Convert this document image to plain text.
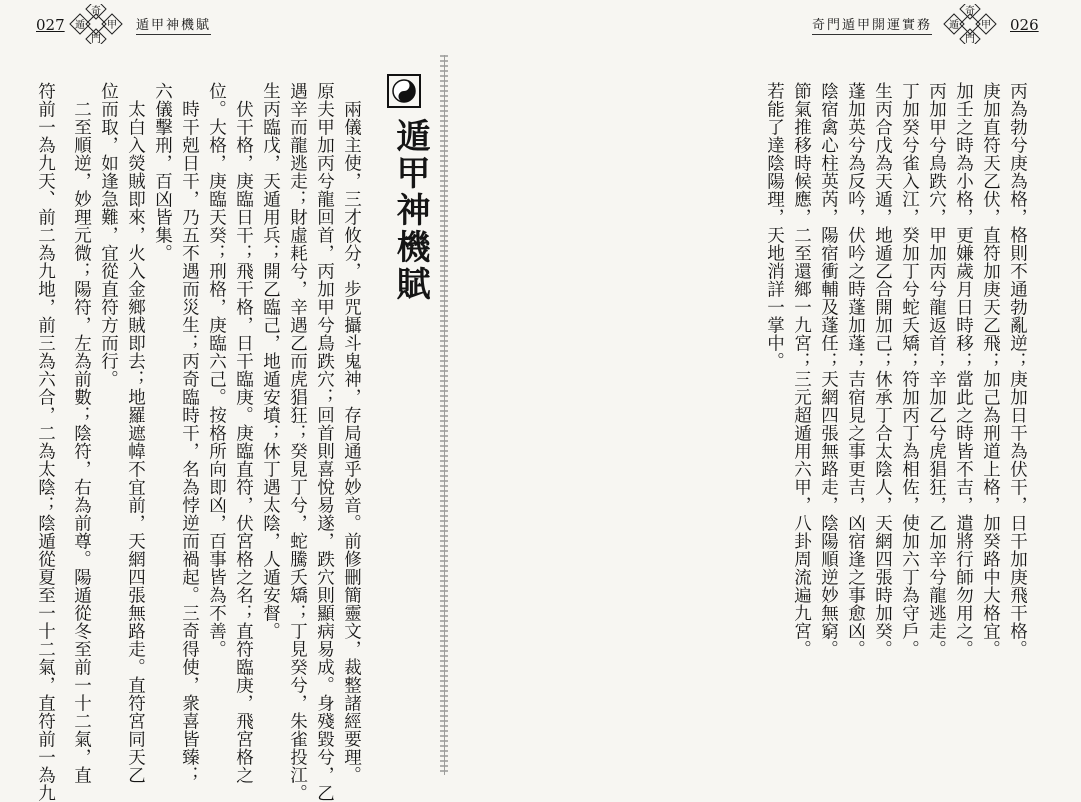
027
奇
遁 甲
門
遁甲神機賦	奇門遁甲開運實務
奇
遁 甲
門
026
遁甲神機賦
兩儀主使，三才攸分，步咒攝斗鬼神，存局通乎妙音。前修刪簡靈文，裁整諸經要理。
原夫甲加丙兮龍回首，丙加甲兮鳥跌穴；回首則喜悅易遂，跌穴則顯病易成。身殘毀兮，乙
遇辛而龍逃走；財虛耗兮，辛遇乙而虎猖狂；癸見丁兮，蛇騰夭矯；丁見癸兮，朱雀投江。
生丙臨戊，天遁用兵；開乙臨己，地遁安墳；休丁遇太陰，人遁安督。
伏干格，庚臨日干；飛干格，日干臨庚。庚臨直符，伏宮格之名；直符臨庚，飛宮格之
位。大格，庚臨天癸；刑格，庚臨六己。按格所向即凶，百事皆為不善。
時干剋日干，乃五不遇而災生；丙奇臨時干，名為悖逆而禍起。三奇得使，衆喜皆臻；
六儀擊刑，百凶皆集。
太白入熒賊即來，火入金鄉賊即去；地羅遮幃不宜前，天網四張無路走。直符宮同天乙
位而取，如逢急難，宜從直符方而行。
二至順逆，妙理元微；陽符，左為前數；陰符，右為前尊。陽遁從冬至前一十二氣，直
符前一為九天、前二為九地，前三為六合，二為太陰；陰遁從夏至一十二氣，直符前一為九	丙為勃兮庚為格，格則不通勃亂逆；庚加日干為伏干，日干加庚飛干格。
庚加直符天乙伏，直符加庚天乙飛；加己為刑道上格，加癸路中大格宜。
加壬之時為小格，更嫌歲月日時移；當此之時皆不吉，遣將行師勿用之。
丙加甲兮鳥跌穴，甲加丙兮龍返首；辛加乙兮虎猖狂，乙加辛兮龍逃走。
丁加癸兮雀入江，癸加丁兮蛇夭矯；符加丙丁為相佐，使加六丁為守戶。
生丙合戊為天遁，地遁乙合開加己；休承丁合太陰人，天網四張時加癸。
蓬加英兮為反吟，伏吟之時蓬加蓬；吉宿見之事更吉，凶宿逢之事愈凶。
陰宿禽心柱英芮，陽宿衝輔及蓬任；天網四張無路走，陰陽順逆妙無窮。
節氣推移時候應，二至還鄉一九宮；三元超遁用六甲，八卦周流遍九宮。
若能了達陰陽理，天地消詳一掌中。
